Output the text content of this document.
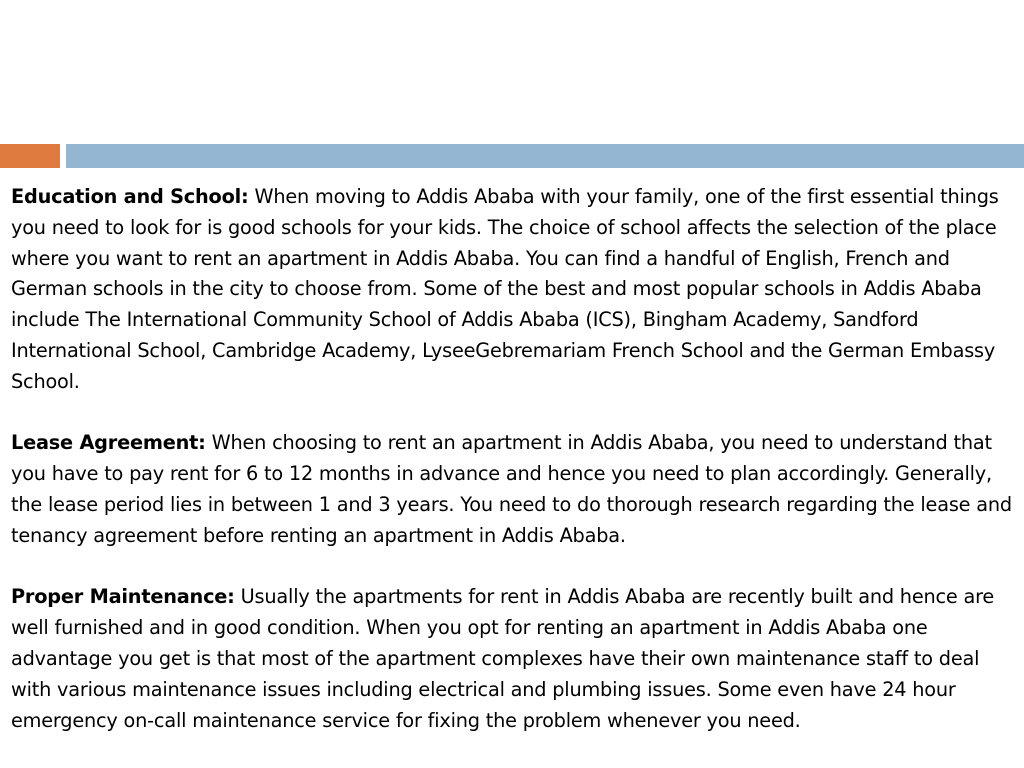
Education and School: When moving to Addis Ababa with your family, one of the first essential things you need to look for is good schools for your kids. The choice of school affects the selection of the place where you want to rent an apartment in Addis Ababa. You can find a handful of English, French and German schools in the city to choose from. Some of the best and most popular schools in Addis Ababa include The International Community School of Addis Ababa (ICS), Bingham Academy, Sandford International School, Cambridge Academy, LyseeGebremariam French School and the German Embassy School.

Lease Agreement: When choosing to rent an apartment in Addis Ababa, you need to understand that you have to pay rent for 6 to 12 months in advance and hence you need to plan accordingly. Generally, the lease period lies in between 1 and 3 years. You need to do thorough research regarding the lease and tenancy agreement before renting an apartment in Addis Ababa.

Proper Maintenance: Usually the apartments for rent in Addis Ababa are recently built and hence are well furnished and in good condition. When you opt for renting an apartment in Addis Ababa one advantage you get is that most of the apartment complexes have their own maintenance staff to deal with various maintenance issues including electrical and plumbing issues. Some even have 24 hour emergency on-call maintenance service for fixing the problem whenever you need.
